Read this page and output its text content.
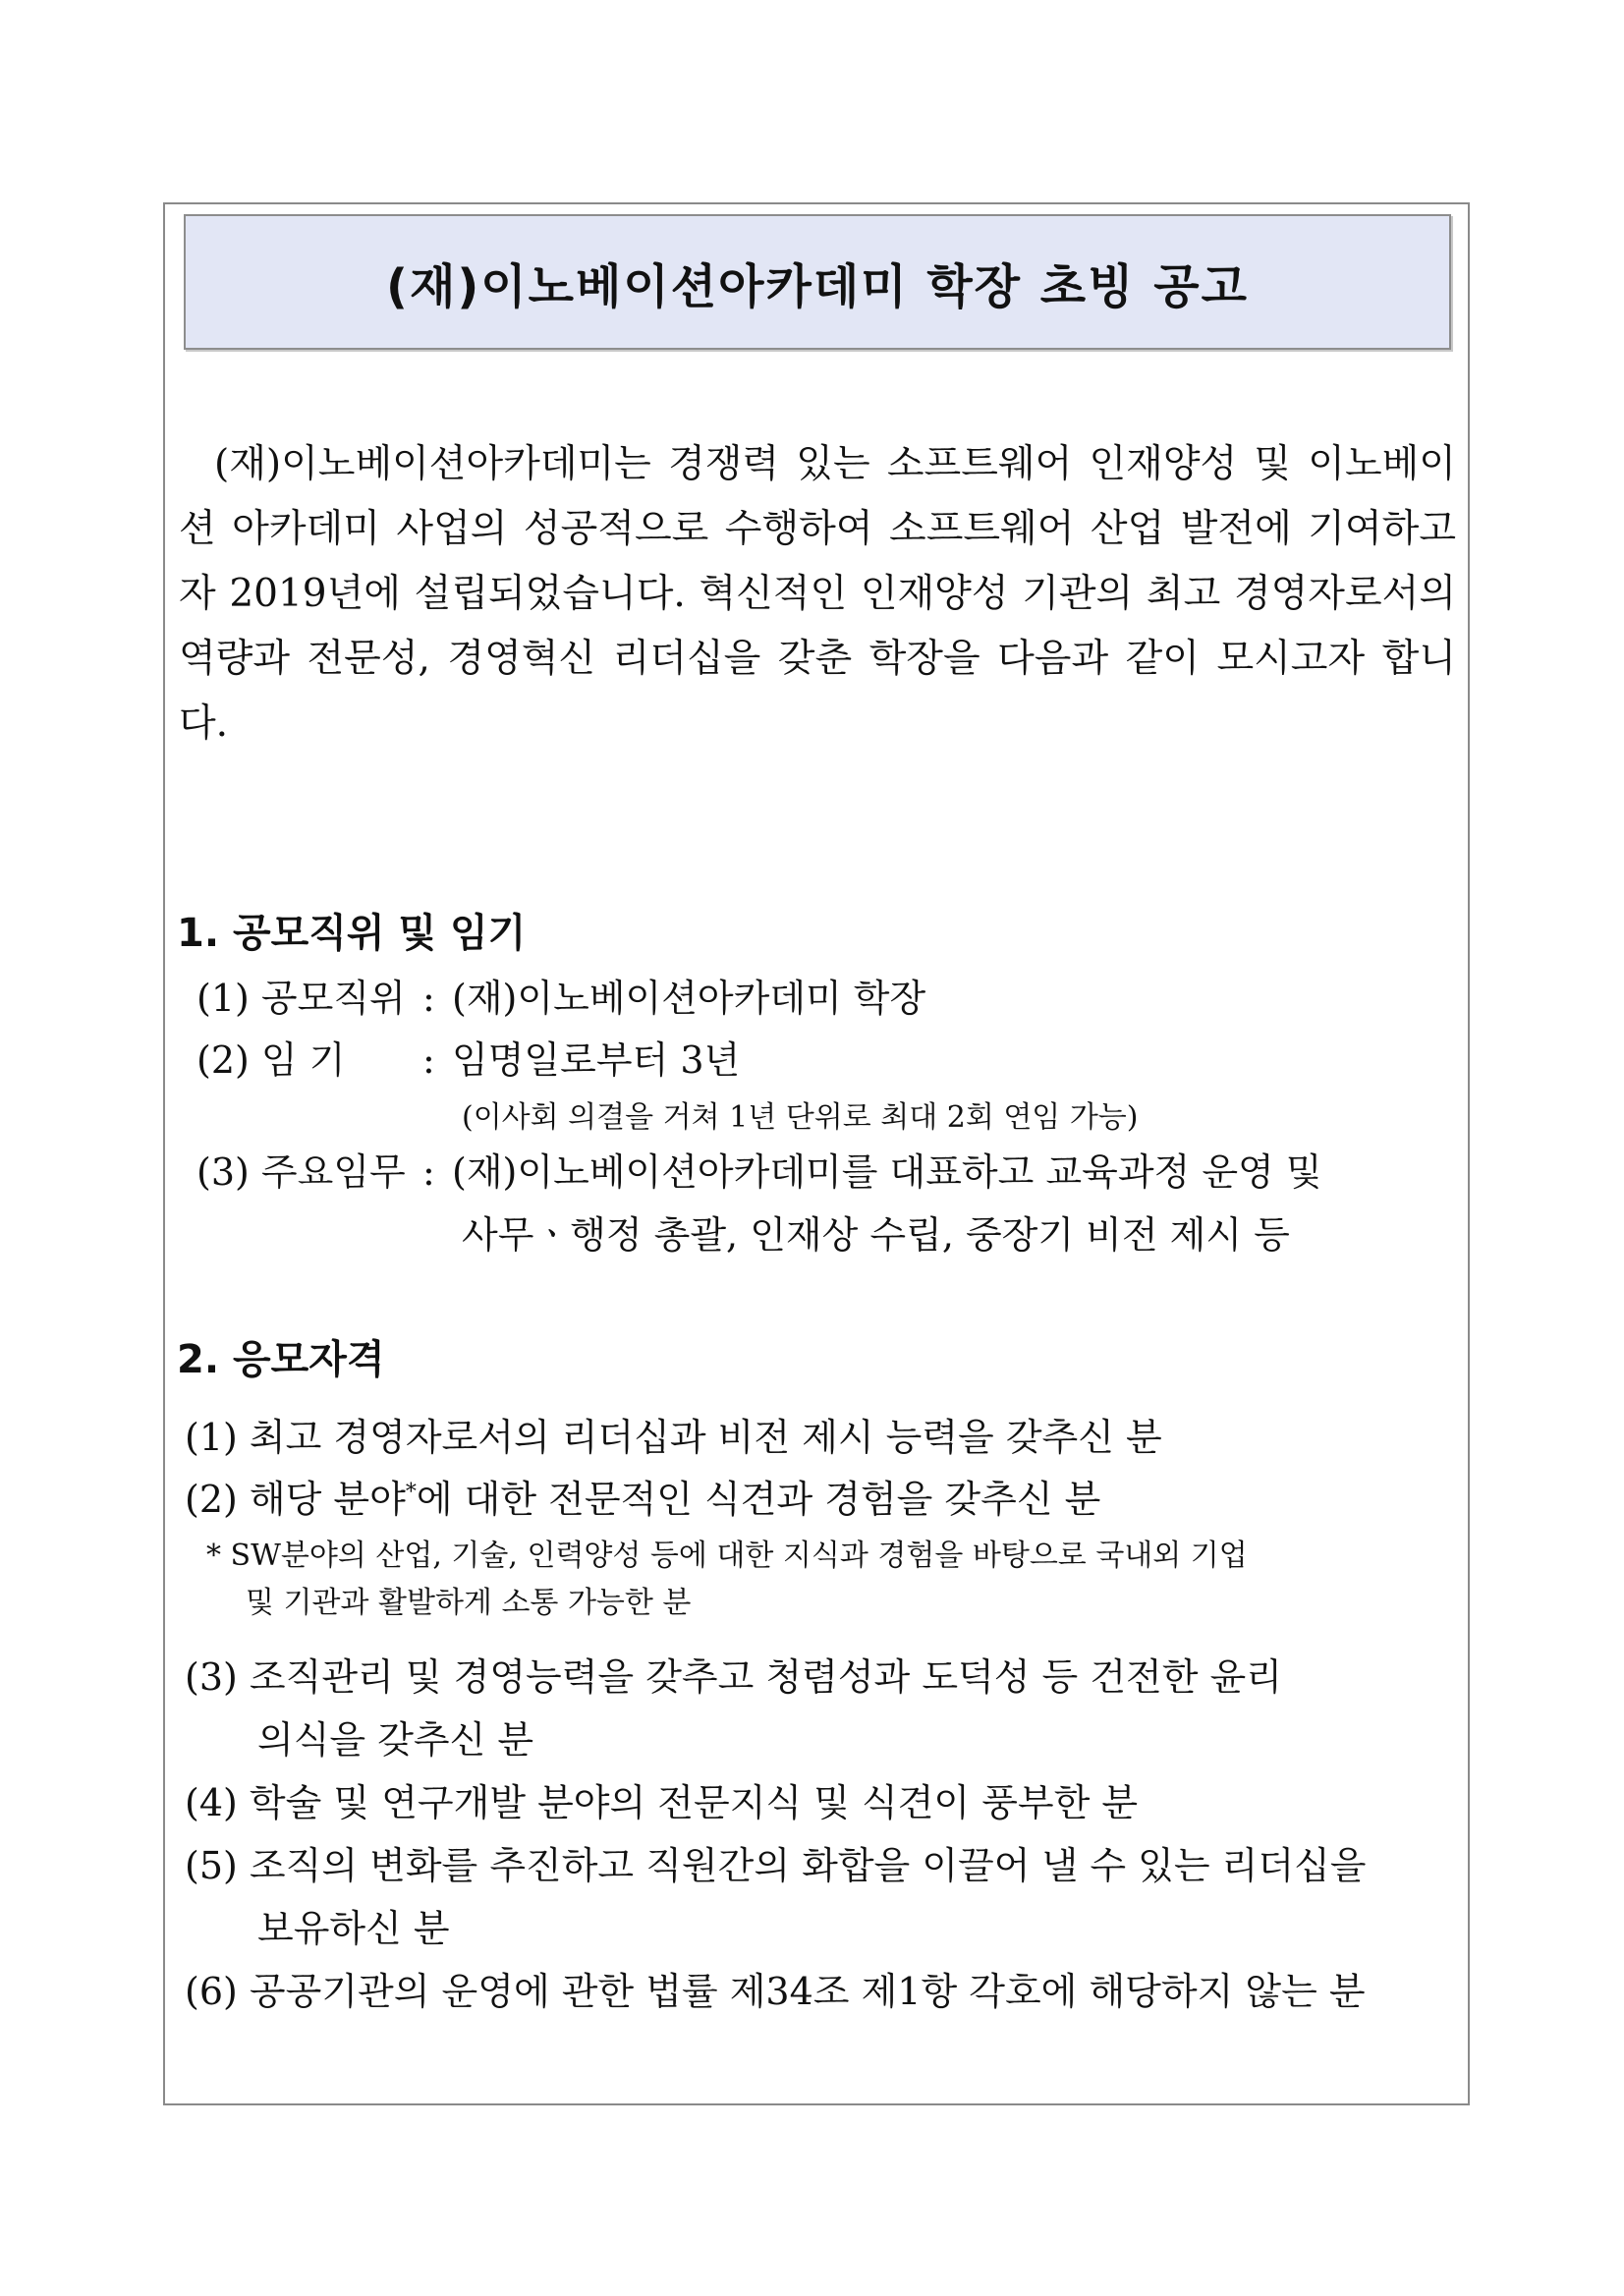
(재)이노베이션아카데미 학장 초빙 공고
(재)이노베이션아카데미는 경쟁력 있는 소프트웨어 인재양성 및 이노베이션 아카데미 사업의 성공적으로 수행하여 소프트웨어 산업 발전에 기여하고자 2019년에 설립되었습니다. 혁신적인 인재양성 기관의 최고 경영자로서의 역량과 전문성, 경영혁신 리더십을 갖춘 학장을 다음과 같이 모시고자 합니다.
1. 공모직위 및 임기
(1) 공모직위 : (재)이노베이션아카데미 학장
(2) 임 기 : 임명일로부터 3년
(이사회 의결을 거쳐 1년 단위로 최대 2회 연임 가능)
(3) 주요임무 : (재)이노베이션아카데미를 대표하고 교육과정 운영 및
사무ㆍ행정 총괄, 인재상 수립, 중장기 비전 제시 등
2. 응모자격
(1) 최고 경영자로서의 리더십과 비전 제시 능력을 갖추신 분
(2) 해당 분야*에 대한 전문적인 식견과 경험을 갖추신 분
* SW분야의 산업, 기술, 인력양성 등에 대한 지식과 경험을 바탕으로 국내외 기업
및 기관과 활발하게 소통 가능한 분
(3) 조직관리 및 경영능력을 갖추고 청렴성과 도덕성 등 건전한 윤리
의식을 갖추신 분
(4) 학술 및 연구개발 분야의 전문지식 및 식견이 풍부한 분
(5) 조직의 변화를 추진하고 직원간의 화합을 이끌어 낼 수 있는 리더십을
보유하신 분
(6) 공공기관의 운영에 관한 법률 제34조 제1항 각호에 해당하지 않는 분
